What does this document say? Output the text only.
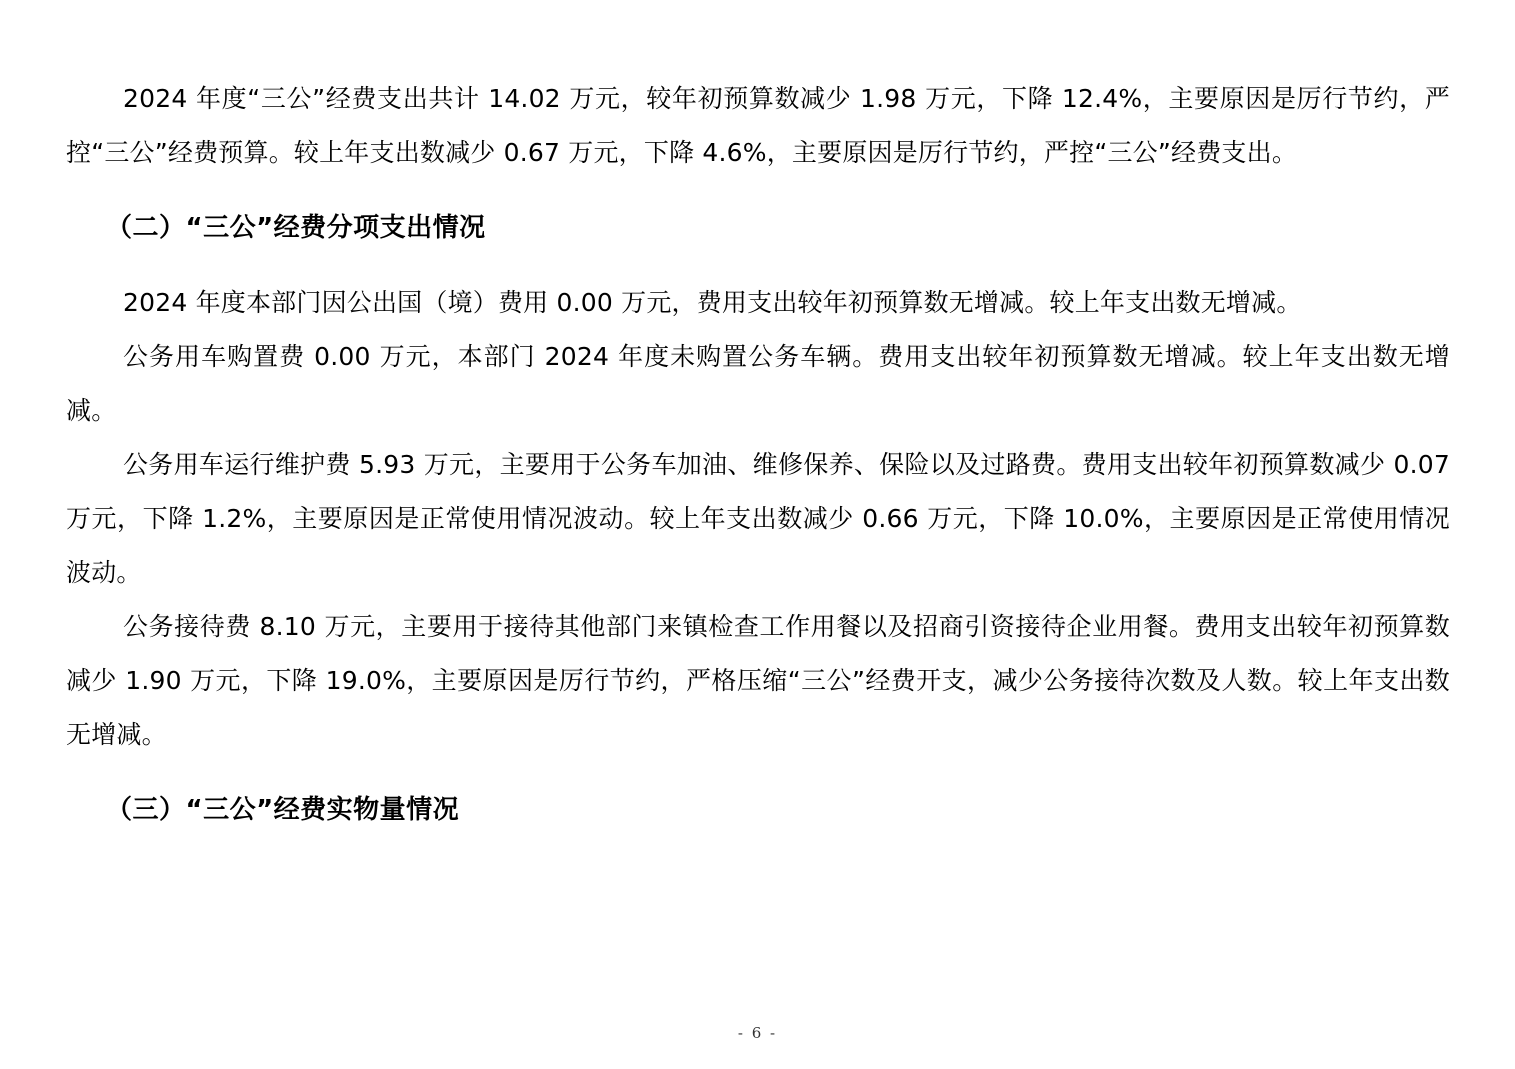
2024 年度“三公”经费支出共计 14.02 万元，较年初预算数减少 1.98 万元，下降 12.4%，主要原因是厉行节约，严控“三公”经费预算。较上年支出数减少 0.67 万元，下降 4.6%，主要原因是厉行节约，严控“三公”经费支出。

（二）“三公”经费分项支出情况

2024 年度本部门因公出国（境）费用 0.00 万元，费用支出较年初预算数无增减。较上年支出数无增减。

公务用车购置费 0.00 万元，本部门 2024 年度未购置公务车辆。费用支出较年初预算数无增减。较上年支出数无增减。

公务用车运行维护费 5.93 万元，主要用于公务车加油、维修保养、保险以及过路费。费用支出较年初预算数减少 0.07 万元，下降 1.2%，主要原因是正常使用情况波动。较上年支出数减少 0.66 万元，下降 10.0%，主要原因是正常使用情况波动。

公务接待费 8.10 万元，主要用于接待其他部门来镇检查工作用餐以及招商引资接待企业用餐。费用支出较年初预算数减少 1.90 万元，下降 19.0%，主要原因是厉行节约，严格压缩“三公”经费开支，减少公务接待次数及人数。较上年支出数无增减。

（三）“三公”经费实物量情况

- 6 -
